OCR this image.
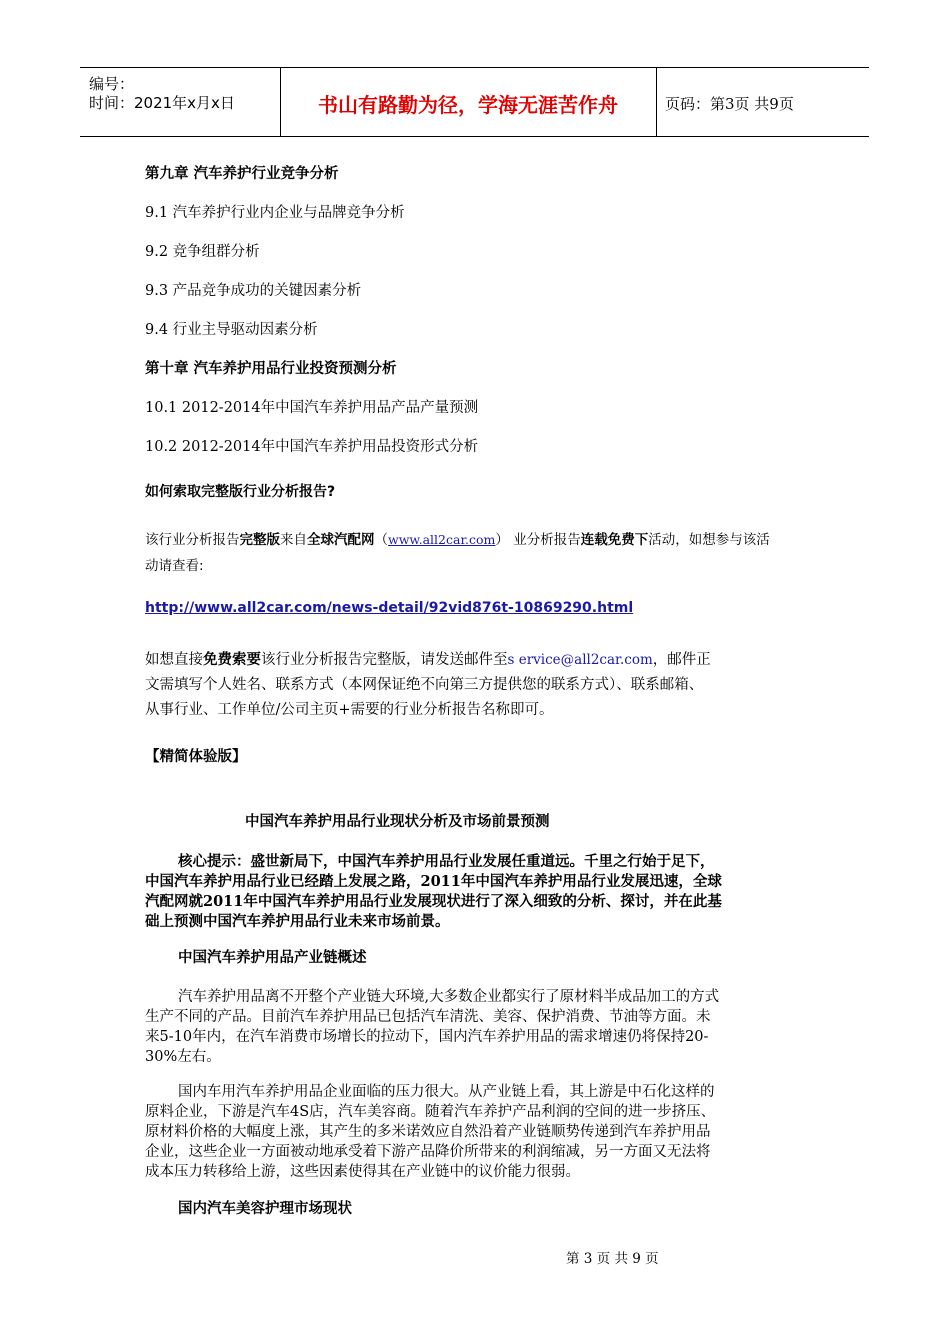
编号：
时间：2021年x月x日	书山有路勤为径，学海无涯苦作舟	页码：第3页 共9页
第九章 汽车养护行业竞争分析
9.1 汽车养护行业内企业与品牌竞争分析
9.2 竞争组群分析
9.3 产品竞争成功的关键因素分析
9.4 行业主导驱动因素分析
第十章 汽车养护用品行业投资预测分析
10.1 2012-2014年中国汽车养护用品产品产量预测
10.2 2012-2014年中国汽车养护用品投资形式分析
如何索取完整版行业分析报告?
该行业分析报告完整版来自全球汽配网（www.all2car.com） 业分析报告连载免费下活动，如想参与该活
动请查看:
http://www.all2car.com/news-detail/92vid876t-10869290.html
如想直接免费索要该行业分析报告完整版，请发送邮件至s ervice@all2car.com，邮件正
文需填写个人姓名、联系方式（本网保证绝不向第三方提供您的联系方式）、联系邮箱、
从事行业、工作单位/公司主页+需要的行业分析报告名称即可。
【精简体验版】
中国汽车养护用品行业现状分析及市场前景预测
核心提示：盛世新局下，中国汽车养护用品行业发展任重道远。千里之行始于足下，
中国汽车养护用品行业已经踏上发展之路，2011年中国汽车养护用品行业发展迅速，全球
汽配网就2011年中国汽车养护用品行业发展现状进行了深入细致的分析、探讨，并在此基
础上预测中国汽车养护用品行业未来市场前景。
中国汽车养护用品产业链概述
汽车养护用品离不开整个产业链大环境,大多数企业都实行了原材料半成品加工的方式
生产不同的产品。目前汽车养护用品已包括汽车清洗、美容、保护消费、节油等方面。未
来5-10年内，在汽车消费市场增长的拉动下，国内汽车养护用品的需求增速仍将保持20-
30%左右。
国内车用汽车养护用品企业面临的压力很大。从产业链上看，其上游是中石化这样的
原料企业，下游是汽车4S店，汽车美容商。随着汽车养护产品利润的空间的进一步挤压、
原材料价格的大幅度上涨，其产生的多米诺效应自然沿着产业链顺势传递到汽车养护用品
企业，这些企业一方面被动地承受着下游产品降价所带来的利润缩减，另一方面又无法将
成本压力转移给上游，这些因素使得其在产业链中的议价能力很弱。
国内汽车美容护理市场现状
第 3 页 共 9 页
